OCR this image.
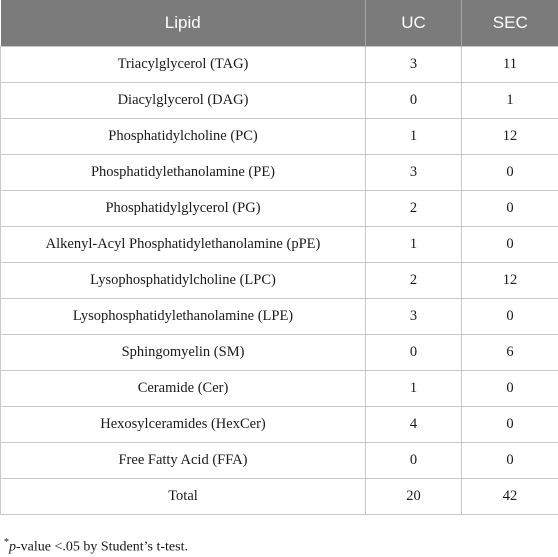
Lipid	UC	SEC
Triacylglycerol (TAG)	3	11
Diacylglycerol (DAG)	0	1
Phosphatidylcholine (PC)	1	12
Phosphatidylethanolamine (PE)	3	0
Phosphatidylglycerol (PG)	2	0
Alkenyl-Acyl Phosphatidylethanolamine (pPE)	1	0
Lysophosphatidylcholine (LPC)	2	12
Lysophosphatidylethanolamine (LPE)	3	0
Sphingomyelin (SM)	0	6
Ceramide (Cer)	1	0
Hexosylceramides (HexCer)	4	0
Free Fatty Acid (FFA)	0	0
Total	20	42
*p-value <.05 by Student’s t-test.
